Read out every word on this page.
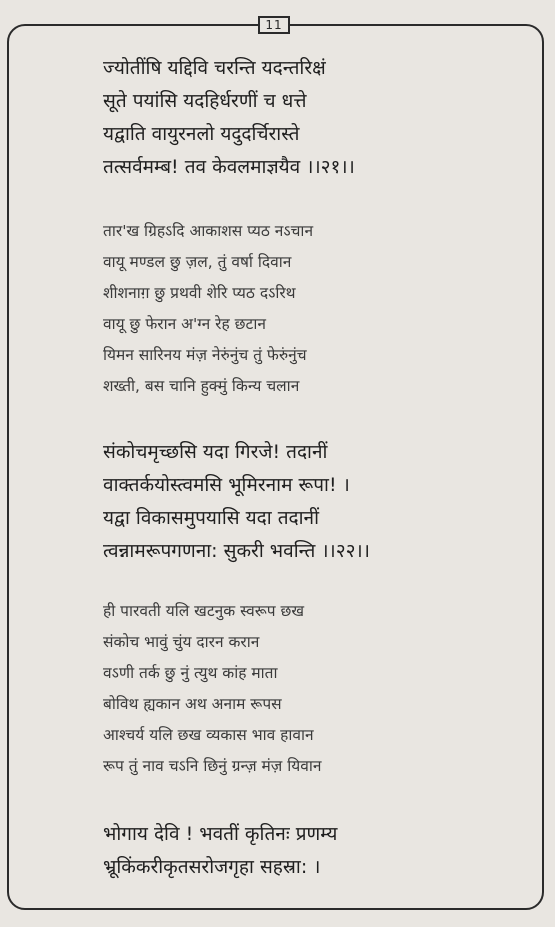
11
ज्योतींषि यद्दिवि चरन्ति यदन्तरिक्षं
सूते पयांसि यदहिर्धरणीं च धत्ते
यद्वाति वायुरनलो यदुदर्चिरास्ते
तत्सर्वमम्ब! तव केवलमाज्ञयैव ।।२१।।
तार'ख ग्रिहऽदि आकाशस प्यठ नऽचान
वायू मण्डल छु ज़ल, तुं वर्षा दिवान
शीशनाग़ छु प्रथवी शेरि प्यठ दऽरिथ
वायू छु फेरान अ'ग्न रेह छटान
यिमन सारिनय मंज़ नेरुंनुंच तुं फेरुंनुंच
शख्ती, बस चानि हुक्मुं किन्य चलान
संकोचमृच्छसि यदा गिरजे! तदानीं
वाक्तर्कयोस्त्वमसि भूमिरनाम रूपा! ।
यद्वा विकासमुपयासि यदा तदानीं
त्वन्नामरूपगणना: सुकरी भवन्ति ।।२२।।
ही पारवती यलि खटनुक स्वरूप छख
संकोच भावुं चुंय दारन करान
वऽणी तर्क छु नुं त्युथ कांह माता
बोविथ ह्यकान अथ अनाम रूपस
आश्चर्य यलि छख व्यकास भाव हावान
रूप तुं नाव चऽनि छिनुं ग्रन्ज़ मंज़ यिवान
भोगाय देवि ! भवतीं कृतिनः प्रणम्य
भ्रूकिंकरीकृतसरोजगृहा सहस्रा: ।
